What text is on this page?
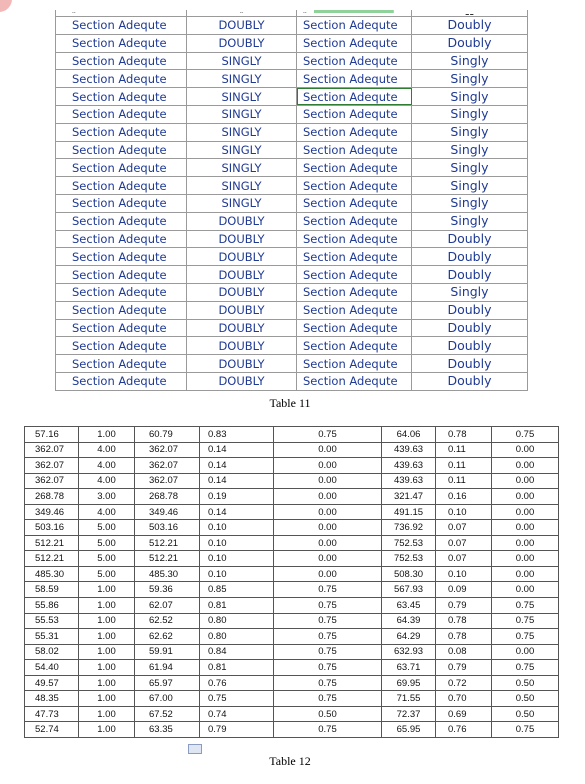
--	--	--	--
Section Adequte	DOUBLY	Section Adequte	Doubly
Section Adequte	DOUBLY	Section Adequte	Doubly
Section Adequte	SINGLY	Section Adequte	Singly
Section Adequte	SINGLY	Section Adequte	Singly
Section Adequte	SINGLY	Section Adequte	Singly
Section Adequte	SINGLY	Section Adequte	Singly
Section Adequte	SINGLY	Section Adequte	Singly
Section Adequte	SINGLY	Section Adequte	Singly
Section Adequte	SINGLY	Section Adequte	Singly
Section Adequte	SINGLY	Section Adequte	Singly
Section Adequte	SINGLY	Section Adequte	Singly
Section Adequte	DOUBLY	Section Adequte	Singly
Section Adequte	DOUBLY	Section Adequte	Doubly
Section Adequte	DOUBLY	Section Adequte	Doubly
Section Adequte	DOUBLY	Section Adequte	Doubly
Section Adequte	DOUBLY	Section Adequte	Singly
Section Adequte	DOUBLY	Section Adequte	Doubly
Section Adequte	DOUBLY	Section Adequte	Doubly
Section Adequte	DOUBLY	Section Adequte	Doubly
Section Adequte	DOUBLY	Section Adequte	Doubly
Section Adequte	DOUBLY	Section Adequte	Doubly
Table 11
57.16	1.00	60.79	0.83	0.75	64.06	0.78	0.75
362.07	4.00	362.07	0.14	0.00	439.63	0.11	0.00
362.07	4.00	362.07	0.14	0.00	439.63	0.11	0.00
362.07	4.00	362.07	0.14	0.00	439.63	0.11	0.00
268.78	3.00	268.78	0.19	0.00	321.47	0.16	0.00
349.46	4.00	349.46	0.14	0.00	491.15	0.10	0.00
503.16	5.00	503.16	0.10	0.00	736.92	0.07	0.00
512.21	5.00	512.21	0.10	0.00	752.53	0.07	0.00
512.21	5.00	512.21	0.10	0.00	752.53	0.07	0.00
485.30	5.00	485.30	0.10	0.00	508.30	0.10	0.00
58.59	1.00	59.36	0.85	0.75	567.93	0.09	0.00
55.86	1.00	62.07	0.81	0.75	63.45	0.79	0.75
55.53	1.00	62.52	0.80	0.75	64.39	0.78	0.75
55.31	1.00	62.62	0.80	0.75	64.29	0.78	0.75
58.02	1.00	59.91	0.84	0.75	632.93	0.08	0.00
54.40	1.00	61.94	0.81	0.75	63.71	0.79	0.75
49.57	1.00	65.97	0.76	0.75	69.95	0.72	0.50
48.35	1.00	67.00	0.75	0.75	71.55	0.70	0.50
47.73	1.00	67.52	0.74	0.50	72.37	0.69	0.50
52.74	1.00	63.35	0.79	0.75	65.95	0.76	0.75
Table 12
